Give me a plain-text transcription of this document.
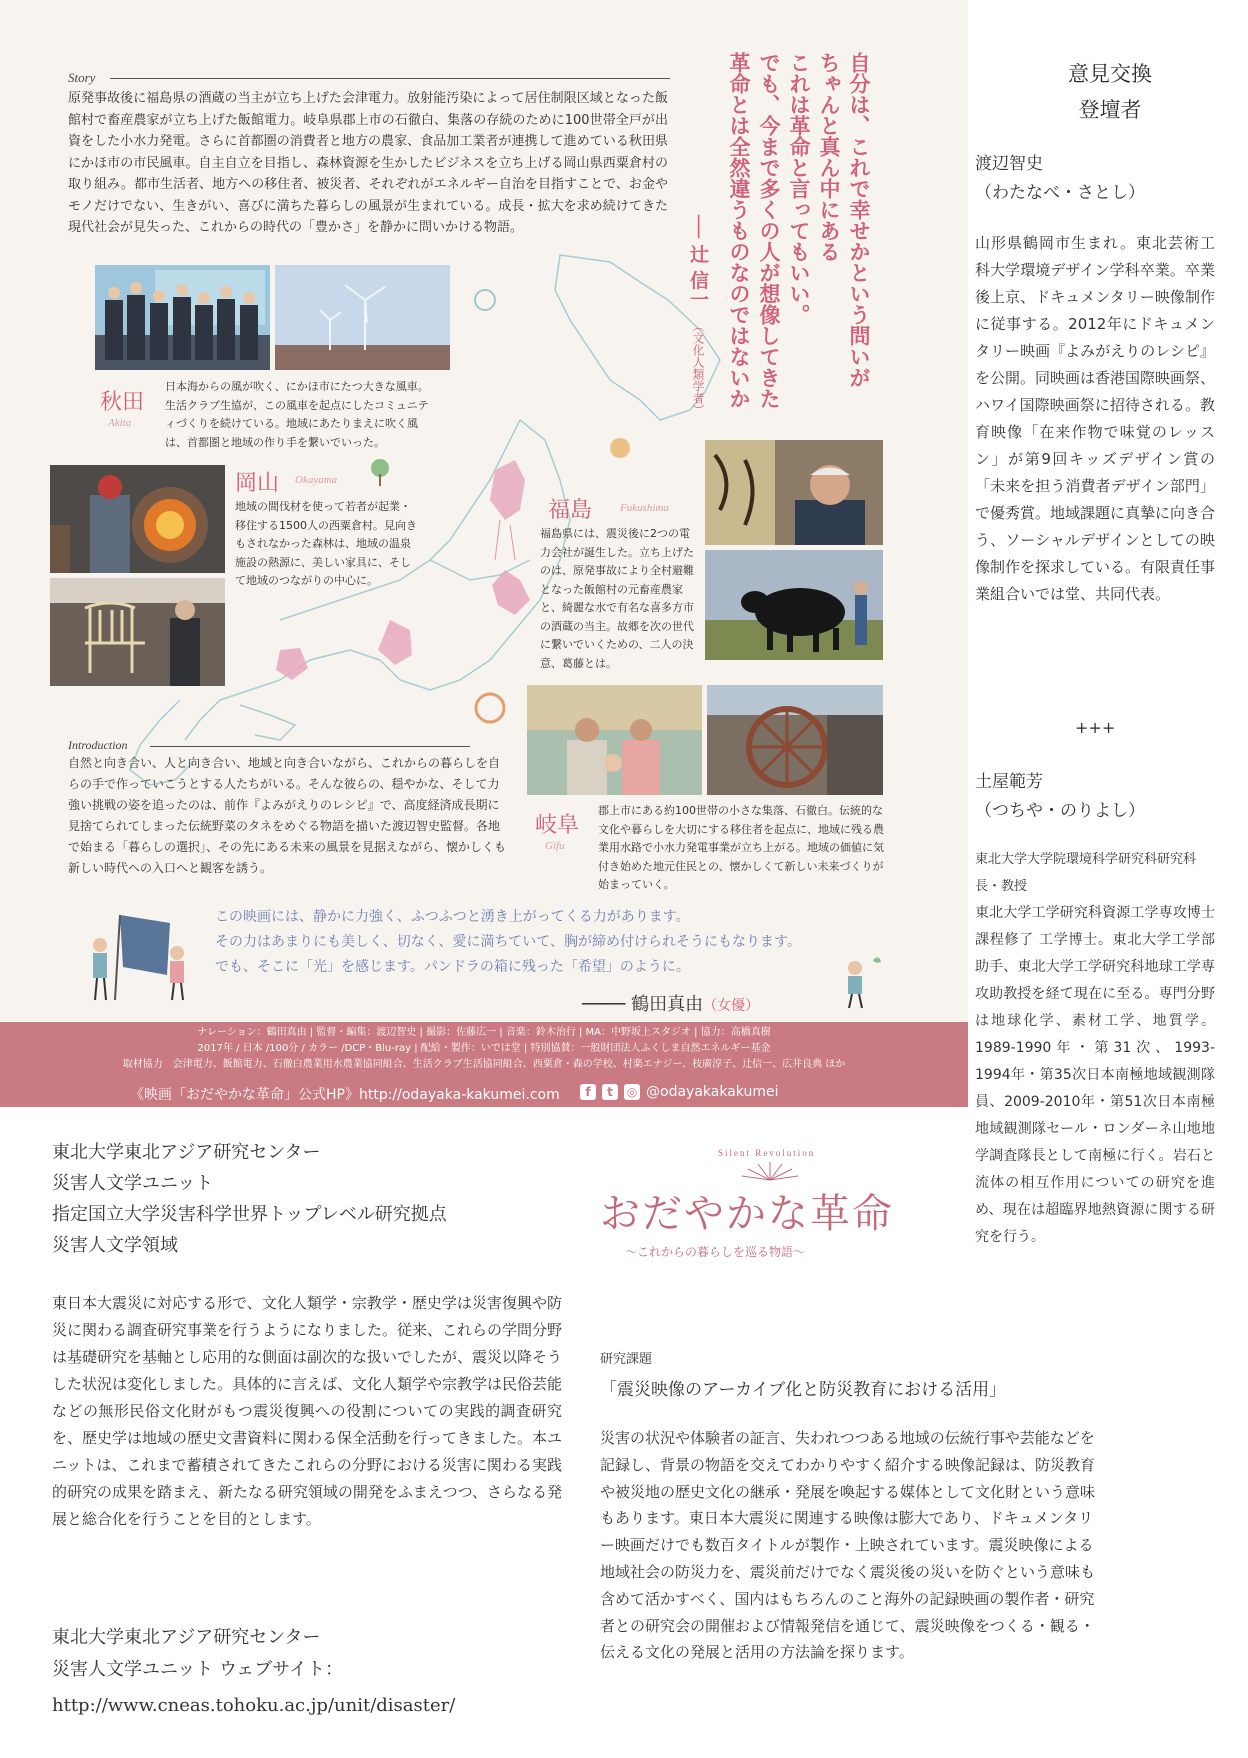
Story
原発事故後に福島県の酒蔵の当主が立ち上げた会津電力。放射能汚染によって居住制限区域となった飯館村で畜産農家が立ち上げた飯館電力。岐阜県郡上市の石徹白、集落の存続のために100世帯全戸が出資をした小水力発電。さらに首都圏の消費者と地方の農家、食品加工業者が連携して進めている秋田県にかほ市の市民風車。自主自立を目指し、森林資源を生かしたビジネスを立ち上げる岡山県西粟倉村の取り組み。都市生活者、地方への移住者、被災者、それぞれがエネルギー自治を目指すことで、お金やモノだけでない、生きがい、喜びに満ちた暮らしの風景が生まれている。成長・拡大を求め続けてきた現代社会が見失った、これからの時代の「豊かさ」を静かに問いかける物語。	自分は、これで幸せかという問いが
ちゃんと真ん中にある
これは革命と言ってもいい。
でも、今まで多くの人が想像してきた
革命とは全然違うものなのではないか
── 辻 信一
（文化人類学者）
秋田
Akita
日本海からの風が吹く、にかほ市にたつ大きな風車。生活クラブ生協が、この風車を起点にしたコミュニティづくりを続けている。地域にあたりまえに吹く風は、首都圏と地域の作り手を繋いでいった。
岡山 Okayama
地域の間伐材を使って若者が起業・移住する1500人の西粟倉村。見向きもされなかった森林は、地域の温泉施設の熱源に、美しい家具に、そして地域のつながりの中心に。
福島	Fukushima
福島県には、震災後に2つの電力会社が誕生した。立ち上げたのは、原発事故により全村避難となった飯館村の元畜産農家と、綺麗な水で有名な喜多方市の酒蔵の当主。故郷を次の世代に繋いでいくための、二人の決意、葛藤とは。
岐阜
Gifu
郡上市にある約100世帯の小さな集落、石徹白。伝統的な文化や暮らしを大切にする移住者を起点に、地域に残る農業用水路で小水力発電事業が立ち上がる。地域の価値に気付き始めた地元住民との、懐かしくて新しい未来づくりが始まっていく。
Introduction
自然と向き合い、人と向き合い、地域と向き合いながら、これからの暮らしを自らの手で作っていこうとする人たちがいる。そんな彼らの、穏やかな、そして力強い挑戦の姿を追ったのは、前作『よみがえりのレシピ』で、高度経済成長期に見捨てられてしまった伝統野菜のタネをめぐる物語を描いた渡辺智史監督。各地で始まる「暮らしの選択」、その先にある未来の風景を見据えながら、懐かしくも新しい時代への入口へと観客を誘う。
この映画には、静かに力強く、ふつふつと湧き上がってくる力があります。
その力はあまりにも美しく、切なく、愛に満ちていて、胸が締め付けられそうにもなります。
でも、そこに「光」を感じます。パンドラの箱に残った「希望」のように。
──── 鶴田真由（女優）
ナレーション：鶴田真由 | 監督・編集：渡辺智史 | 撮影：佐藤広一 | 音楽：鈴木治行 | MA：中野坂上スタジオ | 協力：高橋真樹
2017年 / 日本 /100分 / カラー /DCP・Blu-ray | 配給・製作：いでは堂 | 特別協賛：一般財団法人ふくしま自然エネルギー基金
取材協力　会津電力、飯館電力、石徹白農業用水農業協同組合、生活クラブ生活協同組合、西粟倉・森の学校、村楽エナジー、枝廣淳子、辻信一、広井良典 ほか
《映画「おだやかな革命」公式HP》http://odayaka-kakumei.com	f t ◎ @odayakakakumei
意見交換
登壇者
渡辺智史
（わたなべ・さとし）
山形県鶴岡市生まれ。東北芸術工科大学環境デザイン学科卒業。卒業後上京、ドキュメンタリー映像制作に従事する。2012年にドキュメンタリー映画『よみがえりのレシピ』を公開。同映画は香港国際映画祭、ハワイ国際映画祭に招待される。教育映像「在来作物で味覚のレッスン」が第9回キッズデザイン賞の「未来を担う消費者デザイン部門」で優秀賞。地域課題に真摯に向き合う、ソーシャルデザインとしての映像制作を探求している。有限責任事業組合いでは堂、共同代表。
+++
土屋範芳
（つちや・のりよし）
東北大学大学院環境科学研究科研究科長・教授
東北大学工学研究科資源工学専攻博士課程修了 工学博士。東北大学工学部助手、東北大学工学研究科地球工学専攻助教授を経て現在に至る。専門分野は地球化学、素材工学、地質学。1989-1990年・第31次、1993-1994年・第35次日本南極地域観測隊員、2009-2010年・第51次日本南極地域観測隊セール・ロンダーネ山地地学調査隊長として南極に行く。岩石と流体の相互作用についての研究を進め、現在は超臨界地熱資源に関する研究を行う。
東北大学東北アジア研究センター
災害人文学ユニット
指定国立大学災害科学世界トップレベル研究拠点
災害人文学領域
東日本大震災に対応する形で、文化人類学・宗教学・歴史学は災害復興や防災に関わる調査研究事業を行うようになりました。従来、これらの学問分野は基礎研究を基軸とし応用的な側面は副次的な扱いでしたが、震災以降そうした状況は変化しました。具体的に言えば、文化人類学や宗教学は民俗芸能などの無形民俗文化財がもつ震災復興への役割についての実践的調査研究を、歴史学は地域の歴史文書資料に関わる保全活動を行ってきました。本ユニットは、これまで蓄積されてきたこれらの分野における災害に関わる実践的研究の成果を踏まえ、新たなる研究領域の開発をふまえつつ、さらなる発展と総合化を行うことを目的とします。
東北大学東北アジア研究センター
災害人文学ユニット ウェブサイト：
http://www.cneas.tohoku.ac.jp/unit/disaster/
Silent Revolution
おだやかな革命
〜これからの暮らしを巡る物語〜
研究課題
「震災映像のアーカイブ化と防災教育における活用」
災害の状況や体験者の証言、失われつつある地域の伝統行事や芸能などを記録し、背景の物語を交えてわかりやすく紹介する映像記録は、防災教育や被災地の歴史文化の継承・発展を喚起する媒体として文化財という意味もあります。東日本大震災に関連する映像は膨大であり、ドキュメンタリー映画だけでも数百タイトルが製作・上映されています。震災映像による地域社会の防災力を、震災前だけでなく震災後の災いを防ぐという意味も含めて活かすべく、国内はもちろんのこと海外の記録映画の製作者・研究者との研究会の開催および情報発信を通じて、震災映像をつくる・観る・伝える文化の発展と活用の方法論を探ります。
